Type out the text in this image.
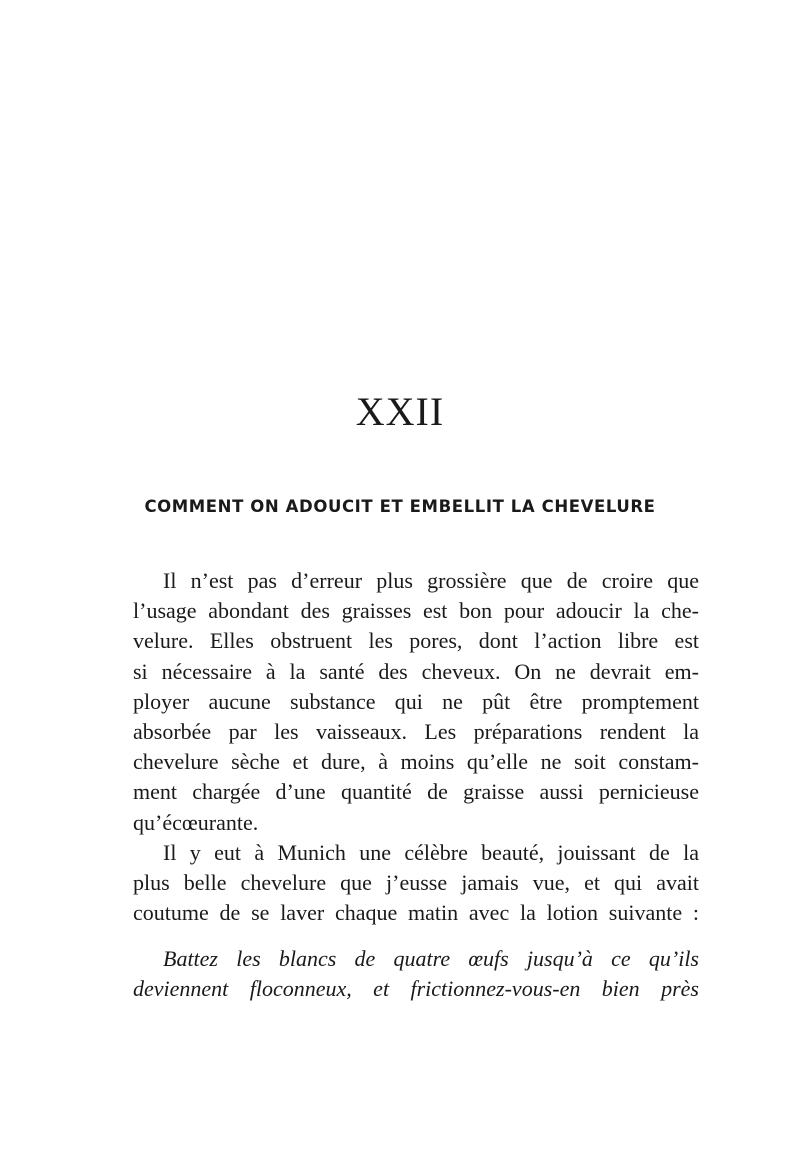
XXII
COMMENT ON ADOUCIT ET EMBELLIT LA CHEVELURE
Il n’est pas d’erreur plus grossière que de croire que
l’usage abondant des graisses est bon pour adoucir la che-
velure. Elles obstruent les pores, dont l’action libre est
si nécessaire à la santé des cheveux. On ne devrait em-
ployer aucune substance qui ne pût être promptement
absorbée par les vaisseaux. Les préparations rendent la
chevelure sèche et dure, à moins qu’elle ne soit constam-
ment chargée d’une quantité de graisse aussi pernicieuse
qu’écœurante.
Il y eut à Munich une célèbre beauté, jouissant de la
plus belle chevelure que j’eusse jamais vue, et qui avait
coutume de se laver chaque matin avec la lotion suivante :
Battez les blancs de quatre œufs jusqu’à ce qu’ils
deviennent floconneux, et frictionnez-vous-en bien près
